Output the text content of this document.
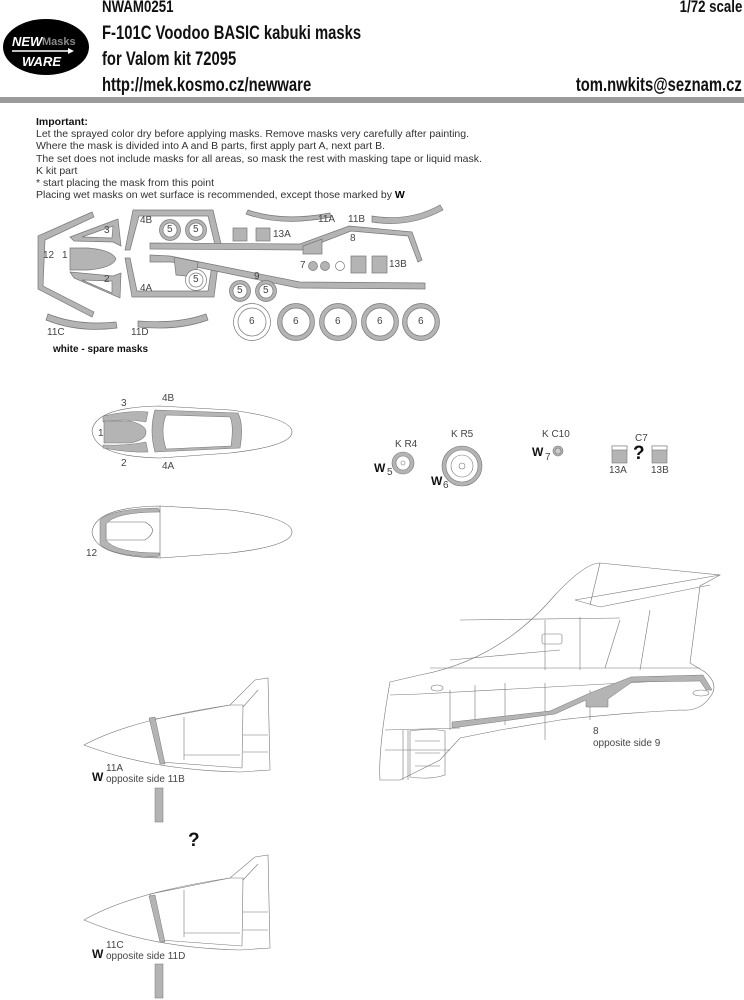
NEW Masks
WARE
NWAM0251
F-101C Voodoo BASIC kabuki masks
for Valom kit 72095
http://mek.kosmo.cz/newware
1/72 scale
tom.nwkits@seznam.cz
Important:
Let the sprayed color dry before applying masks. Remove masks very carefully after painting.
Where the mask is divided into A and B parts, first apply part A, next part B.
The set does not include masks for all areas, so mask the rest with masking tape or liquid mask.
K kit part
* start placing the mask from this point
Placing wet masks on wet surface is recommended, except those marked by W
12 1
3
2
4B
4A
5 5
5
5 5
9
11A 11B
8
13A
13B
7
6	6	6	6	6
11C	11D
white - spare masks
3	4B
1
2	4A
12
K R4
W 5
K R5
W 6
K C10
W 7
C7
?
13A 13B
8
opposite side 9
W
11A
opposite side 11B
?
W
11C
opposite side 11D
